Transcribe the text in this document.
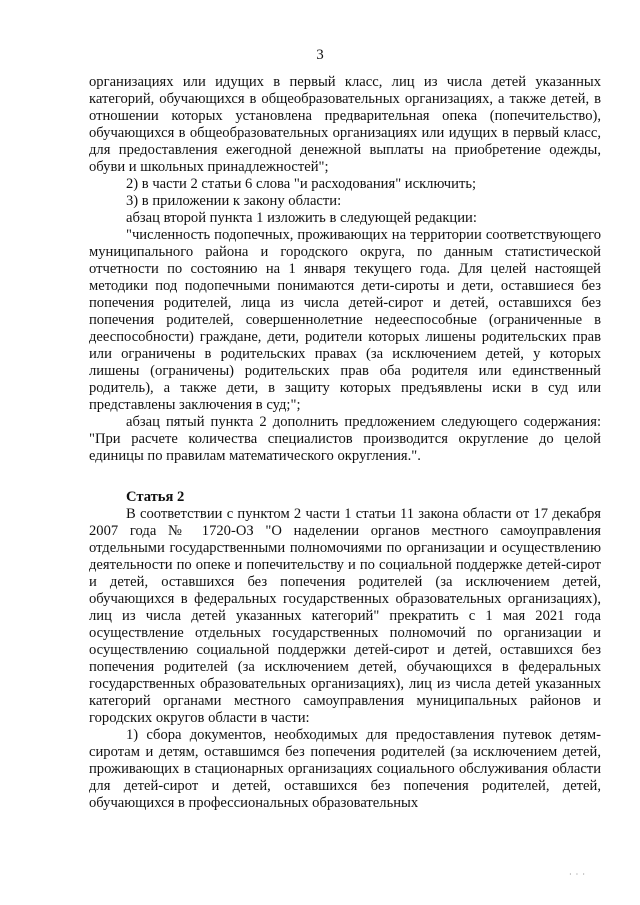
3

организациях или идущих в первый класс, лиц из числа детей указанных категорий, обучающихся в общеобразовательных организациях, а также детей, в отношении которых установлена предварительная опека (попечительство), обучающихся в общеобразовательных организациях или идущих в первый класс, для предоставления ежегодной денежной выплаты на приобретение одежды, обуви и школьных принадлежностей";

2) в части 2 статьи 6 слова "и расходования" исключить;

3) в приложении к закону области:

абзац второй пункта 1 изложить в следующей редакции:

"численность подопечных, проживающих на территории соответствующего муниципального района и городского округа, по данным статистической отчетности по состоянию на 1 января текущего года. Для целей настоящей методики под подопечными понимаются дети-сироты и дети, оставшиеся без попечения родителей, лица из числа детей-сирот и детей, оставшихся без попечения родителей, совершеннолетние недееспособные (ограниченные в дееспособности) граждане, дети, родители которых лишены родительских прав или ограничены в родительских правах (за исключением детей, у которых лишены (ограничены) родительских прав оба родителя или единственный родитель), а также дети, в защиту которых предъявлены иски в суд или представлены заключения в суд;";

абзац пятый пункта 2 дополнить предложением следующего содержания: "При расчете количества специалистов производится округление до целой единицы по правилам математического округления.".

Статья 2

В соответствии с пунктом 2 части 1 статьи 11 закона области от 17 декабря 2007 года № 1720-ОЗ "О наделении органов местного самоуправления отдельными государственными полномочиями по организации и осуществлению деятельности по опеке и попечительству и по социальной поддержке детей-сирот и детей, оставшихся без попечения родителей (за исключением детей, обучающихся в федеральных государственных образовательных организациях), лиц из числа детей указанных категорий" прекратить с 1 мая 2021 года осуществление отдельных государственных полномочий по организации и осуществлению социальной поддержки детей-сирот и детей, оставшихся без попечения родителей (за исключением детей, обучающихся в федеральных государственных образовательных организациях), лиц из числа детей указанных категорий органами местного самоуправления муниципальных районов и городских округов области в части:

1) сбора документов, необходимых для предоставления путевок детям-сиротам и детям, оставшимся без попечения родителей (за исключением детей, проживающих в стационарных организациях социального обслуживания области для детей-сирот и детей, оставшихся без попечения родителей, детей, обучающихся в профессиональных образовательных

· · ·
